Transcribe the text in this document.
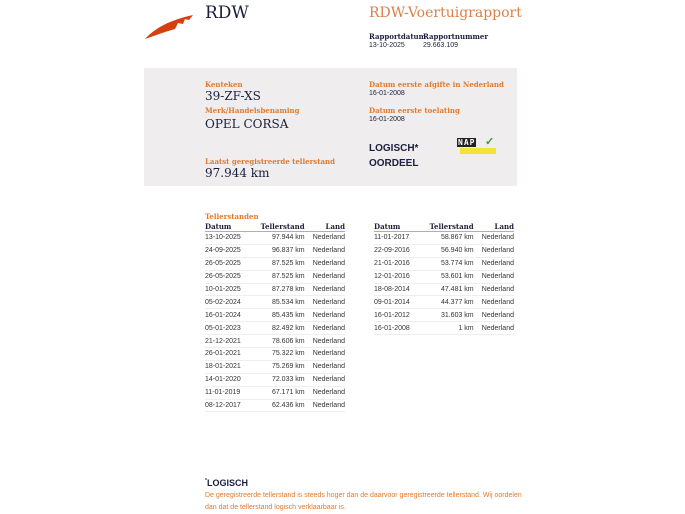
RDW	RDW-Voertuigrapport
Rapportdatum
13-10-2025
Rapportnummer
29.663.109
Kenteken
39-ZF-XS
Merk/Handelsbenaming
OPEL CORSA
Laatst geregistreerde tellerstand
97.944 km
Datum eerste afgifte in Nederland
16-01-2008
Datum eerste toelating
16-01-2008
LOGISCH*
OORDEEL
NAP ✓
Tellerstanden
Datum	Tellerstand	Land
13-10-2025	97.944 km	Nederland
24-09-2025	96.837 km	Nederland
26-05-2025	87.525 km	Nederland
26-05-2025	87.525 km	Nederland
10-01-2025	87.278 km	Nederland
05-02-2024	85.534 km	Nederland
16-01-2024	85.435 km	Nederland
05-01-2023	82.492 km	Nederland
21-12-2021	78.606 km	Nederland
26-01-2021	75.322 km	Nederland
18-01-2021	75.269 km	Nederland
14-01-2020	72.033 km	Nederland
11-01-2019	67.171 km	Nederland
08-12-2017	62.436 km	Nederland
Datum	Tellerstand	Land
11-01-2017	58.867 km	Nederland
22-09-2016	56.940 km	Nederland
21-01-2016	53.774 km	Nederland
12-01-2016	53.601 km	Nederland
18-08-2014	47.481 km	Nederland
09-01-2014	44.377 km	Nederland
16-01-2012	31.603 km	Nederland
16-01-2008	1 km	Nederland
*LOGISCH
De geregistreerde tellerstand is steeds hoger dan de daarvoor geregistreerde tellerstand. Wij oordelen dan dat de tellerstand logisch verklaarbaar is.
